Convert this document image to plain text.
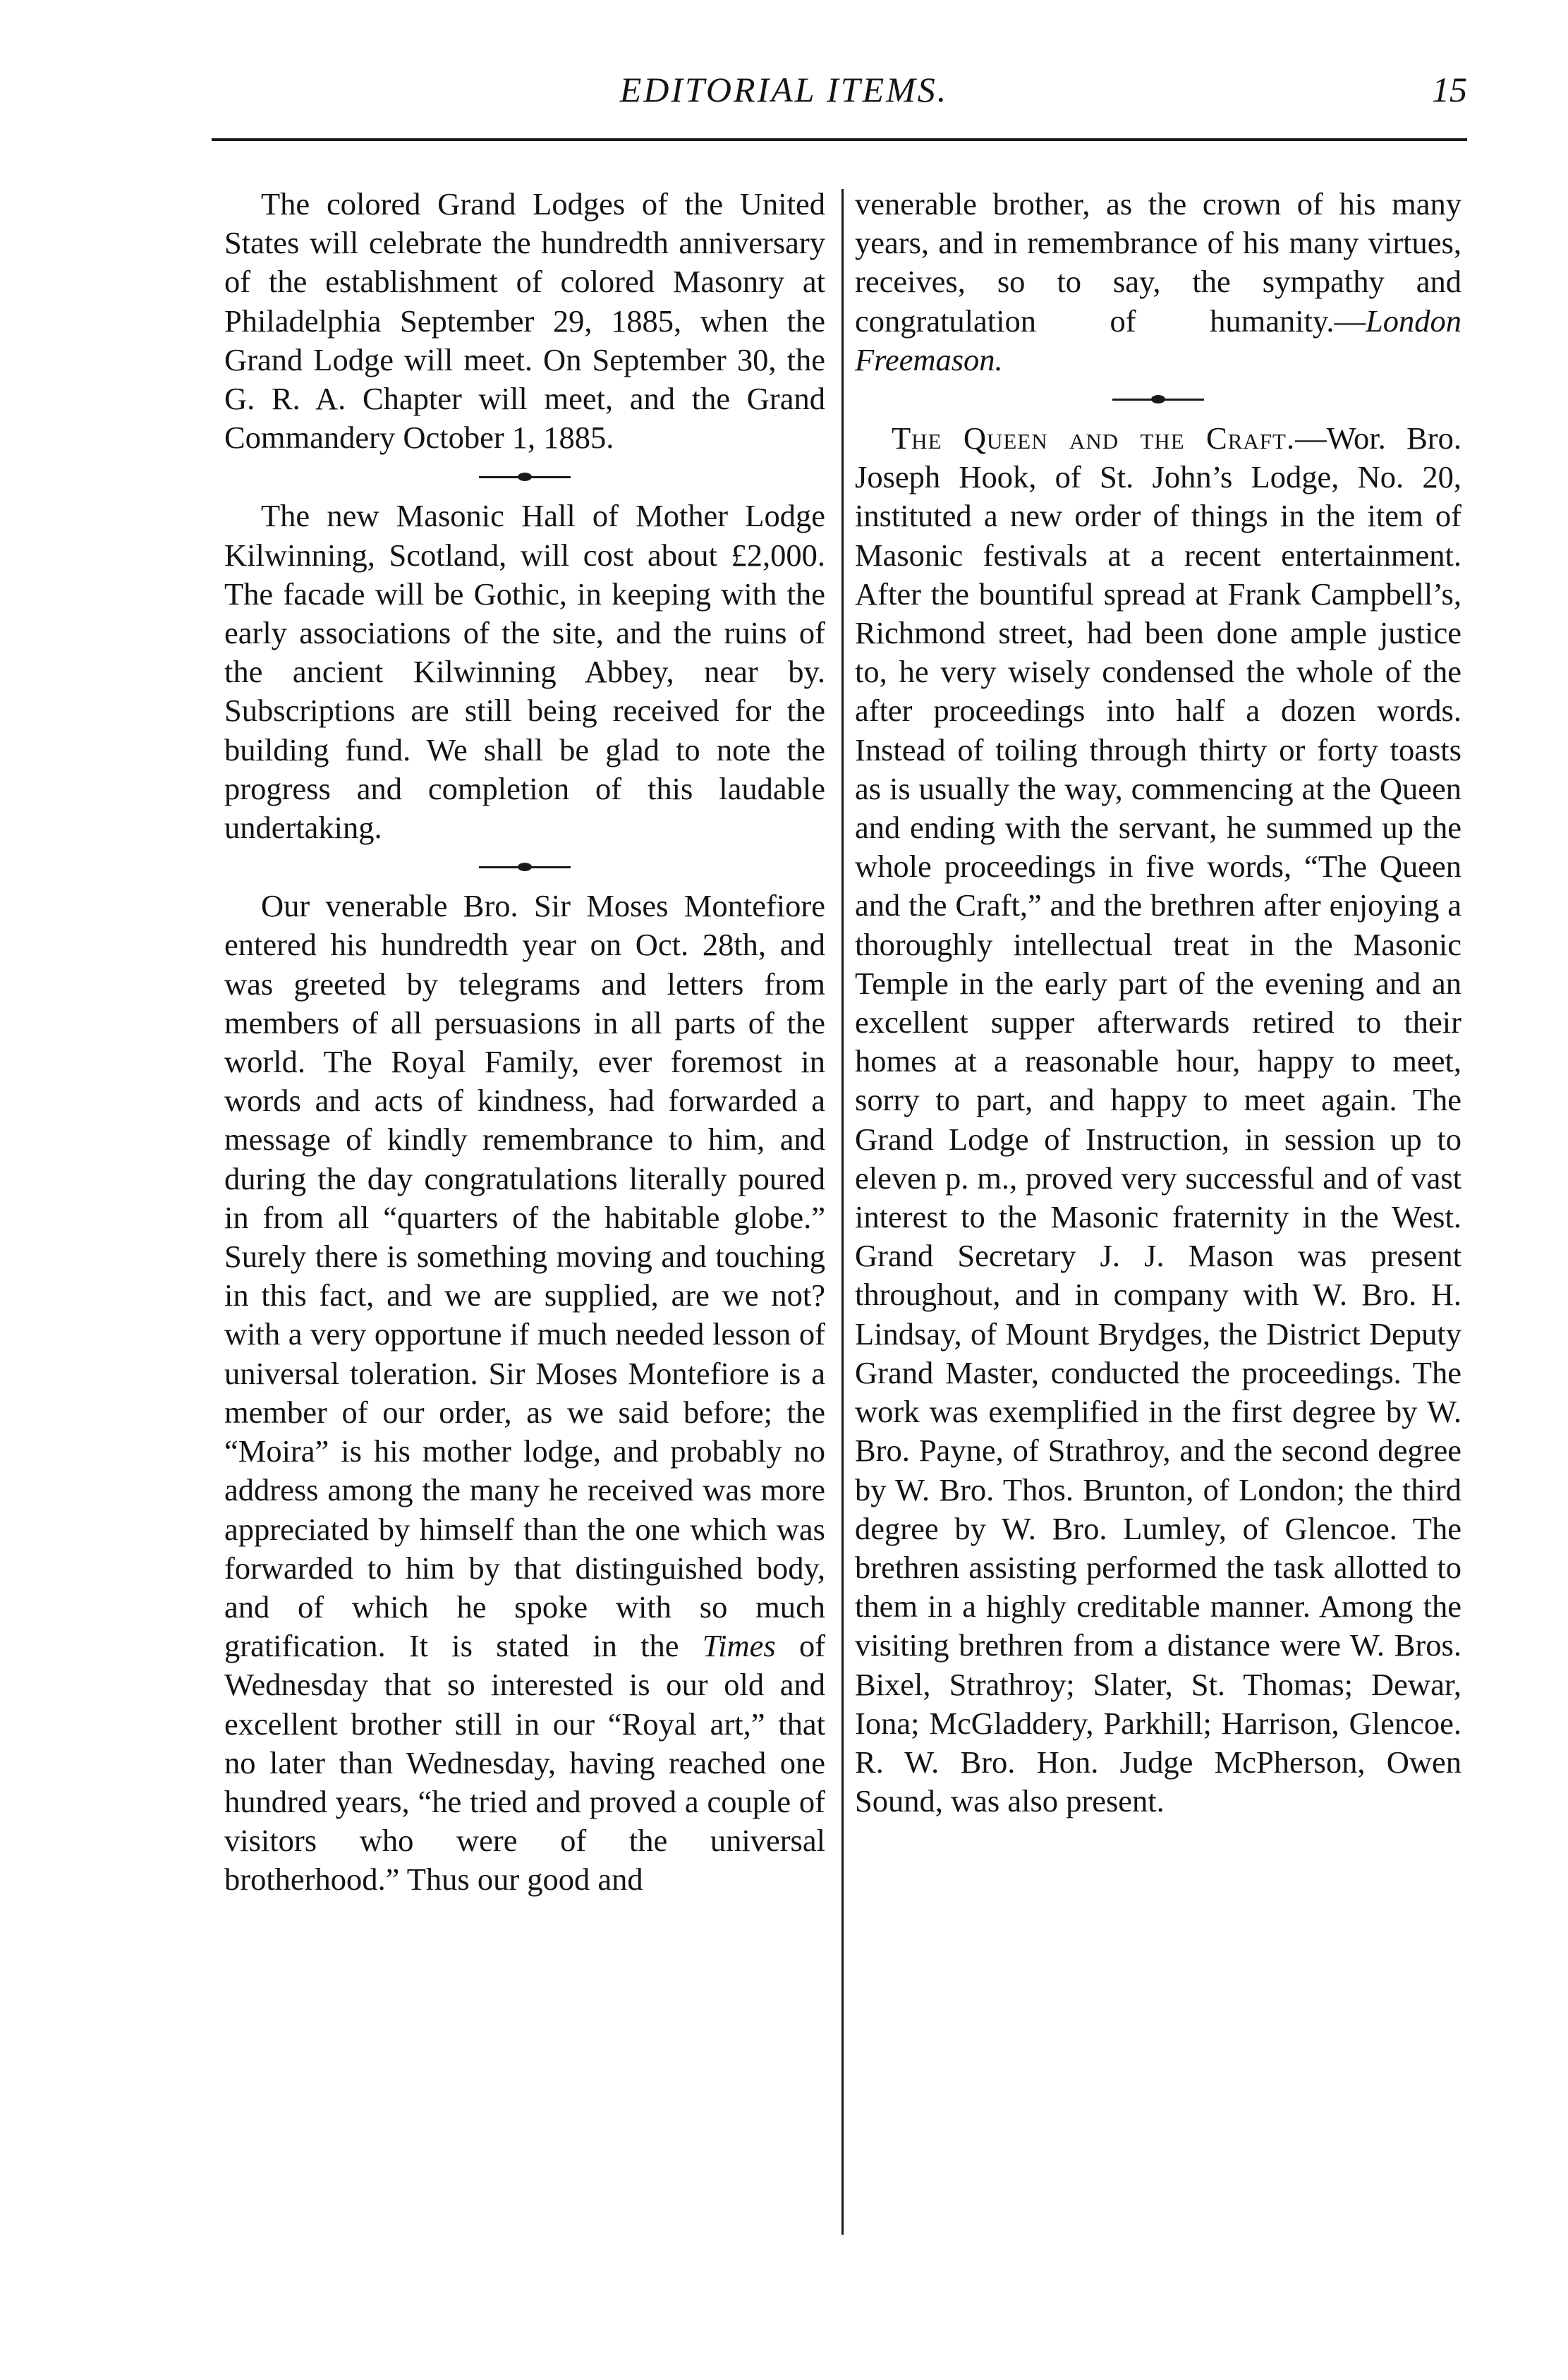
EDITORIAL ITEMS.	15

The colored Grand Lodges of the United States will celebrate the hundredth anniversary of the establishment of colored Masonry at Philadelphia September 29, 1885, when the Grand Lodge will meet. On September 30, the G. R. A. Chapter will meet, and the Grand Commandery October 1, 1885.

The new Masonic Hall of Mother Lodge Kilwinning, Scotland, will cost about £2,000. The facade will be Gothic, in keeping with the early associations of the site, and the ruins of the ancient Kilwinning Abbey, near by. Subscriptions are still being received for the building fund. We shall be glad to note the progress and completion of this laudable undertaking.

Our venerable Bro. Sir Moses Montefiore entered his hundredth year on Oct. 28th, and was greeted by telegrams and letters from members of all persuasions in all parts of the world. The Royal Family, ever foremost in words and acts of kindness, had forwarded a message of kindly remembrance to him, and during the day congratulations literally poured in from all “quarters of the habitable globe.” Surely there is something moving and touching in this fact, and we are supplied, are we not? with a very opportune if much needed lesson of universal toleration. Sir Moses Montefiore is a member of our order, as we said before; the “Moira” is his mother lodge, and probably no address among the many he received was more appreciated by himself than the one which was forwarded to him by that distinguished body, and of which he spoke with so much gratification. It is stated in the Times of Wednesday that so interested is our old and excellent brother still in our “Royal art,” that no later than Wednesday, having reached one hundred years, “he tried and proved a couple of visitors who were of the universal brotherhood.” Thus our good and

venerable brother, as the crown of his many years, and in remembrance of his many virtues, receives, so to say, the sympathy and congratulation of humanity.—London Freemason.

The Queen and the Craft.—Wor. Bro. Joseph Hook, of St. John’s Lodge, No. 20, instituted a new order of things in the item of Masonic festivals at a recent entertainment. After the bountiful spread at Frank Campbell’s, Richmond street, had been done ample justice to, he very wisely condensed the whole of the after proceedings into half a dozen words. Instead of toiling through thirty or forty toasts as is usually the way, commencing at the Queen and ending with the servant, he summed up the whole proceedings in five words, “The Queen and the Craft,” and the brethren after enjoying a thoroughly intellectual treat in the Masonic Temple in the early part of the evening and an excellent supper afterwards retired to their homes at a reasonable hour, happy to meet, sorry to part, and happy to meet again. The Grand Lodge of Instruction, in session up to eleven p. m., proved very successful and of vast interest to the Masonic fraternity in the West. Grand Secretary J. J. Mason was present throughout, and in company with W. Bro. H. Lindsay, of Mount Brydges, the District Deputy Grand Master, conducted the proceedings. The work was exemplified in the first degree by W. Bro. Payne, of Strathroy, and the second degree by W. Bro. Thos. Brunton, of London; the third degree by W. Bro. Lumley, of Glencoe. The brethren assisting performed the task allotted to them in a highly creditable manner. Among the visiting brethren from a distance were W. Bros. Bixel, Strathroy; Slater, St. Thomas; Dewar, Iona; McGladdery, Parkhill; Harrison, Glencoe. R. W. Bro. Hon. Judge McPherson, Owen Sound, was also present.
